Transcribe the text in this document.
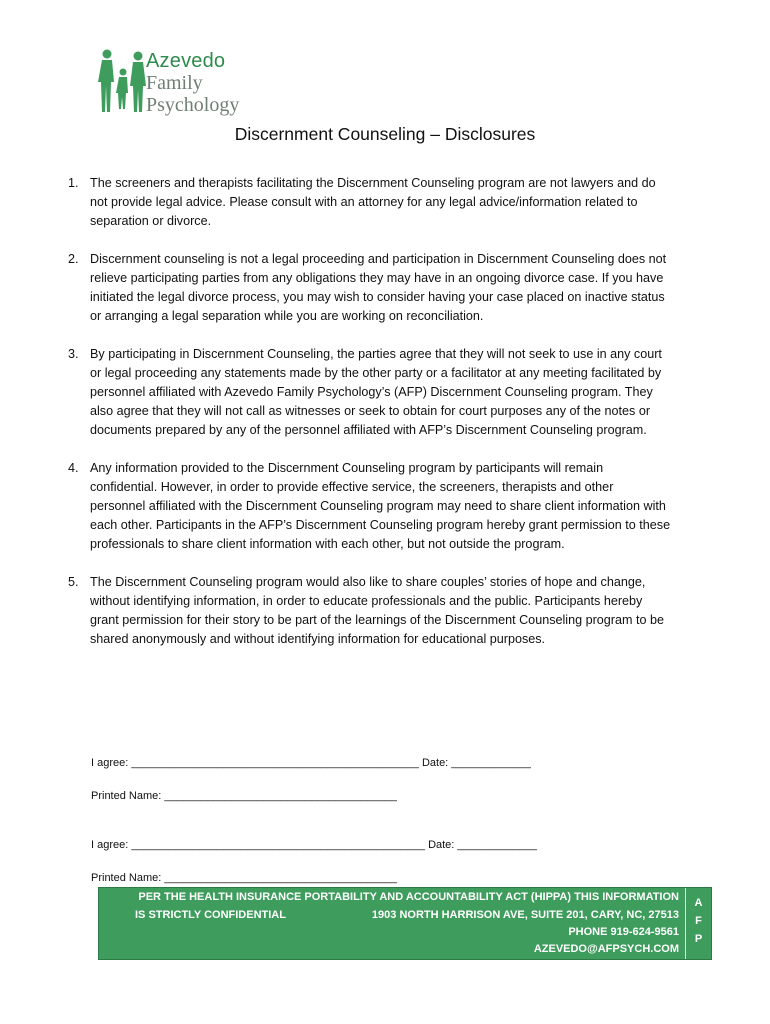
Azevedo
Family
Psychology
Discernment Counseling – Disclosures
1. The screeners and therapists facilitating the Discernment Counseling program are not lawyers and do not provide legal advice. Please consult with an attorney for any legal advice/information related to separation or divorce.
2. Discernment counseling is not a legal proceeding and participation in Discernment Counseling does not relieve participating parties from any obligations they may have in an ongoing divorce case. If you have initiated the legal divorce process, you may wish to consider having your case placed on inactive status or arranging a legal separation while you are working on reconciliation.
3. By participating in Discernment Counseling, the parties agree that they will not seek to use in any court or legal proceeding any statements made by the other party or a facilitator at any meeting facilitated by personnel affiliated with Azevedo Family Psychology’s (AFP) Discernment Counseling program. They also agree that they will not call as witnesses or seek to obtain for court purposes any of the notes or documents prepared by any of the personnel affiliated with AFP’s Discernment Counseling program.
4. Any information provided to the Discernment Counseling program by participants will remain confidential. However, in order to provide effective service, the screeners, therapists and other personnel affiliated with the Discernment Counseling program may need to share client information with each other. Participants in the AFP’s Discernment Counseling program hereby grant permission to these professionals to share client information with each other, but not outside the program.
5. The Discernment Counseling program would also like to share couples’ stories of hope and change, without identifying information, in order to educate professionals and the public. Participants hereby grant permission for their story to be part of the learnings of the Discernment Counseling program to be shared anonymously and without identifying information for educational purposes.
I agree: _______________________________________________ Date: _____________
Printed Name: ______________________________________
I agree: ________________________________________________ Date: _____________
Printed Name: ______________________________________
PER THE HEALTH INSURANCE PORTABILITY AND ACCOUNTABILITY ACT (HIPPA) THIS INFORMATION
IS STRICTLY CONFIDENTIAL	1903 NORTH HARRISON AVE, SUITE 201, CARY, NC, 27513
PHONE 919-624-9561
AZEVEDO@AFPSYCH.COM
A
F
P
